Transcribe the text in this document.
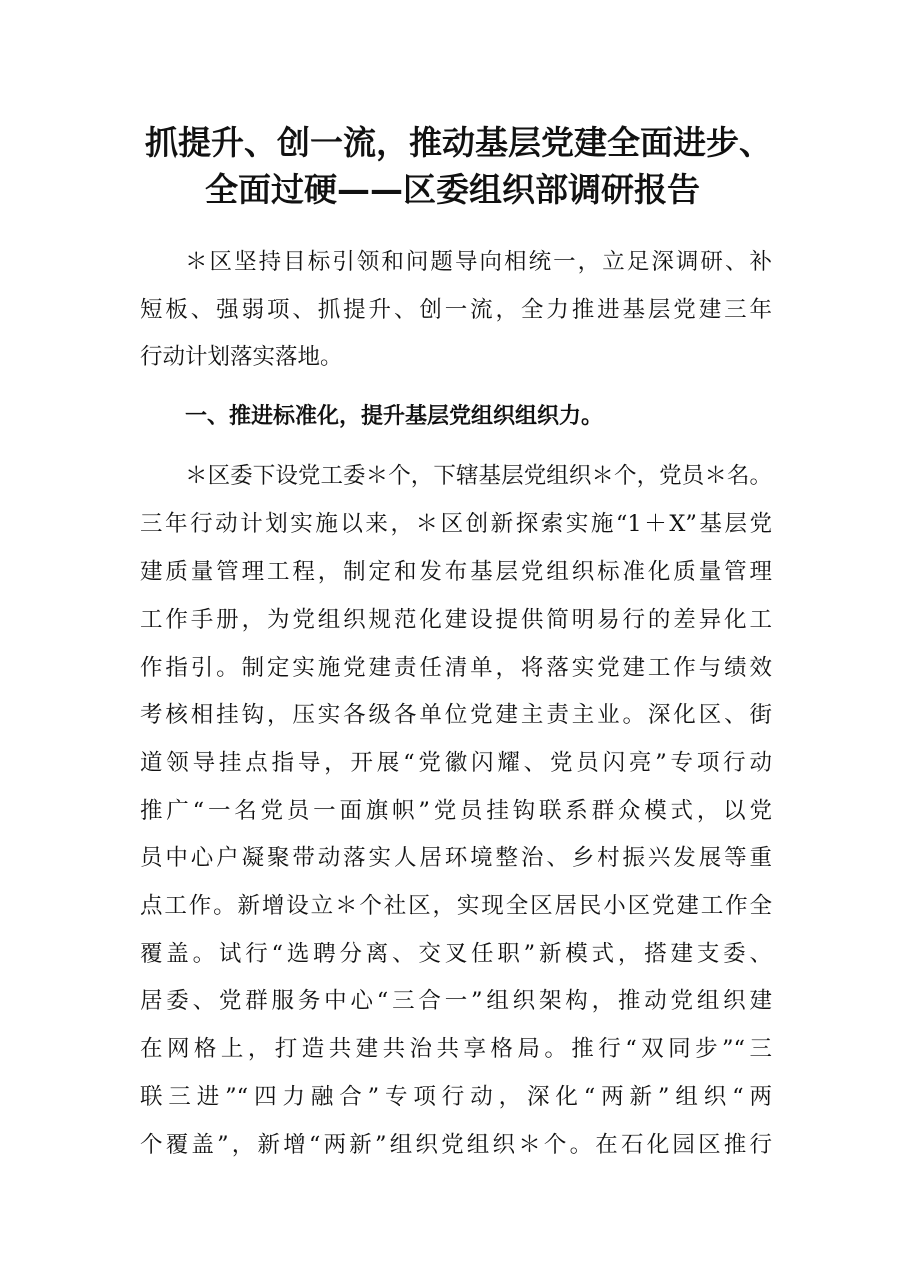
抓提升、创一流，推动基层党建全面进步、
全面过硬——区委组织部调研报告

＊区坚持目标引领和问题导向相统一，立足深调研、补

短板、强弱项、抓提升、创一流，全力推进基层党建三年

行动计划落实落地。

一、推进标准化，提升基层党组织组织力。

＊区委下设党工委＊个，下辖基层党组织＊个，党员＊名。

三年行动计划实施以来，＊区创新探索实施“1＋X”基层党

建质量管理工程，制定和发布基层党组织标准化质量管理

工作手册，为党组织规范化建设提供简明易行的差异化工

作指引。制定实施党建责任清单，将落实党建工作与绩效

考核相挂钩，压实各级各单位党建主责主业。深化区、街

道领导挂点指导，开展“党徽闪耀、党员闪亮”专项行动

推广“一名党员一面旗帜”党员挂钩联系群众模式，以党

员中心户凝聚带动落实人居环境整治、乡村振兴发展等重

点工作。新增设立＊个社区，实现全区居民小区党建工作全

覆盖。试行“选聘分离、交叉任职”新模式，搭建支委、

居委、党群服务中心“三合一”组织架构，推动党组织建

在网格上，打造共建共治共享格局。推行“双同步”“三

联三进”“四力融合”专项行动，深化“两新”组织“两

个覆盖”，新增“两新”组织党组织＊个。在石化园区推行
